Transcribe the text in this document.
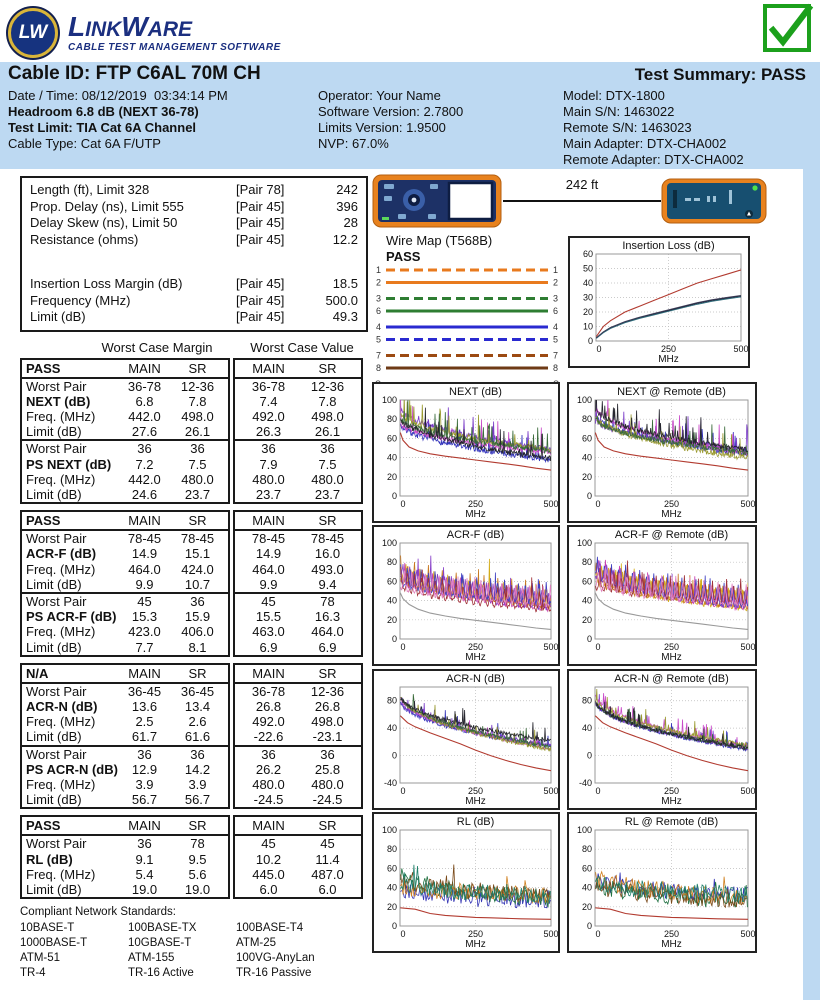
LW LINKWARE
CABLE TEST MANAGEMENT SOFTWARE
Cable ID: FTP C6AL 70M CH	Test Summary: PASS
Date / Time: 08/12/2019  03:34:14 PM
Headroom 6.8 dB (NEXT 36-78)
Test Limit: TIA Cat 6A Channel
Cable Type: Cat 6A F/UTP
Operator: Your Name
Software Version: 2.7800
Limits Version: 1.9500
NVP: 67.0%
Model: DTX-1800
Main S/N: 1463022
Remote S/N: 1463023
Main Adapter: DTX-CHA002
Remote Adapter: DTX-CHA002
Length (ft), Limit 328	[Pair 78]	242
Prop. Delay (ns), Limit 555	[Pair 45]	396
Delay Skew (ns), Limit 50	[Pair 45]	28
Resistance (ohms)	[Pair 45]	12.2
Insertion Loss Margin (dB)	[Pair 45]	18.5
Frequency (MHz)	[Pair 45]	500.0
Limit (dB)	[Pair 45]	49.3
Worst Case Margin	Worst Case Value
PASS	MAIN	SR
Worst Pair	36-78	12-36
NEXT (dB)	6.8	7.8
Freq. (MHz)	442.0	498.0
Limit (dB)	27.6	26.1
Worst Pair	36	36
PS NEXT (dB)	7.2	7.5
Freq. (MHz)	442.0	480.0
Limit (dB)	24.6	23.7
MAIN	SR
36-78	12-36
7.4	7.8
492.0	498.0
26.3	26.1
36	36
7.9	7.5
480.0	480.0
23.7	23.7
PASS	MAIN	SR
Worst Pair	78-45	78-45
ACR-F (dB)	14.9	15.1
Freq. (MHz)	464.0	424.0
Limit (dB)	9.9	10.7
Worst Pair	45	36
PS ACR-F (dB)	15.3	15.9
Freq. (MHz)	423.0	406.0
Limit (dB)	7.7	8.1
MAIN	SR
78-45	78-45
14.9	16.0
464.0	493.0
9.9	9.4
45	78
15.5	16.3
463.0	464.0
6.9	6.9
N/A	MAIN	SR
Worst Pair	36-45	36-45
ACR-N (dB)	13.6	13.4
Freq. (MHz)	2.5	2.6
Limit (dB)	61.7	61.6
Worst Pair	36	36
PS ACR-N (dB)	12.9	14.2
Freq. (MHz)	3.9	3.9
Limit (dB)	56.7	56.7
MAIN	SR
36-78	12-36
26.8	26.8
492.0	498.0
-22.6	-23.1
36	36
26.2	25.8
480.0	480.0
-24.5	-24.5
PASS	MAIN	SR
Worst Pair	36	78
RL (dB)	9.1	9.5
Freq. (MHz)	5.4	5.6
Limit (dB)	19.0	19.0
MAIN	SR
45	45
10.2	11.4
445.0	487.0
6.0	6.0
Compliant Network Standards:
10BASE-T
1000BASE-T
ATM-51
TR-4
100BASE-TX
10GBASE-T
ATM-155
TR-16 Active
100BASE-T4
ATM-25
100VG-AnyLan
TR-16 Passive
242 ft
Wire Map (T568B)
PASS
1	1
2	2
3	3
6	6
4	4
5	5
7	7
8	8
0
10
20
30
40
50
60
0	250	500
Insertion Loss (dB)
MHz
0
20
40
60
80
100
0	250	500
NEXT (dB)
MHz
0
20
40
60
80
100
0	250	500
NEXT @ Remote (dB)
MHz
0
20
40
60
80
100
0	250	500
ACR-F (dB)
MHz
0
20
40
60
80
100
0	250	500
ACR-F @ Remote (dB)
MHz
-40
0
40
80
0	250	500
ACR-N (dB)
MHz
-40
0
40
80
0	250	500
ACR-N @ Remote (dB)
MHz
0
20
40
60
80
100
0	250	500
RL (dB)
MHz
0
20
40
60
80
100
0	250	500
RL @ Remote (dB)
MHz
